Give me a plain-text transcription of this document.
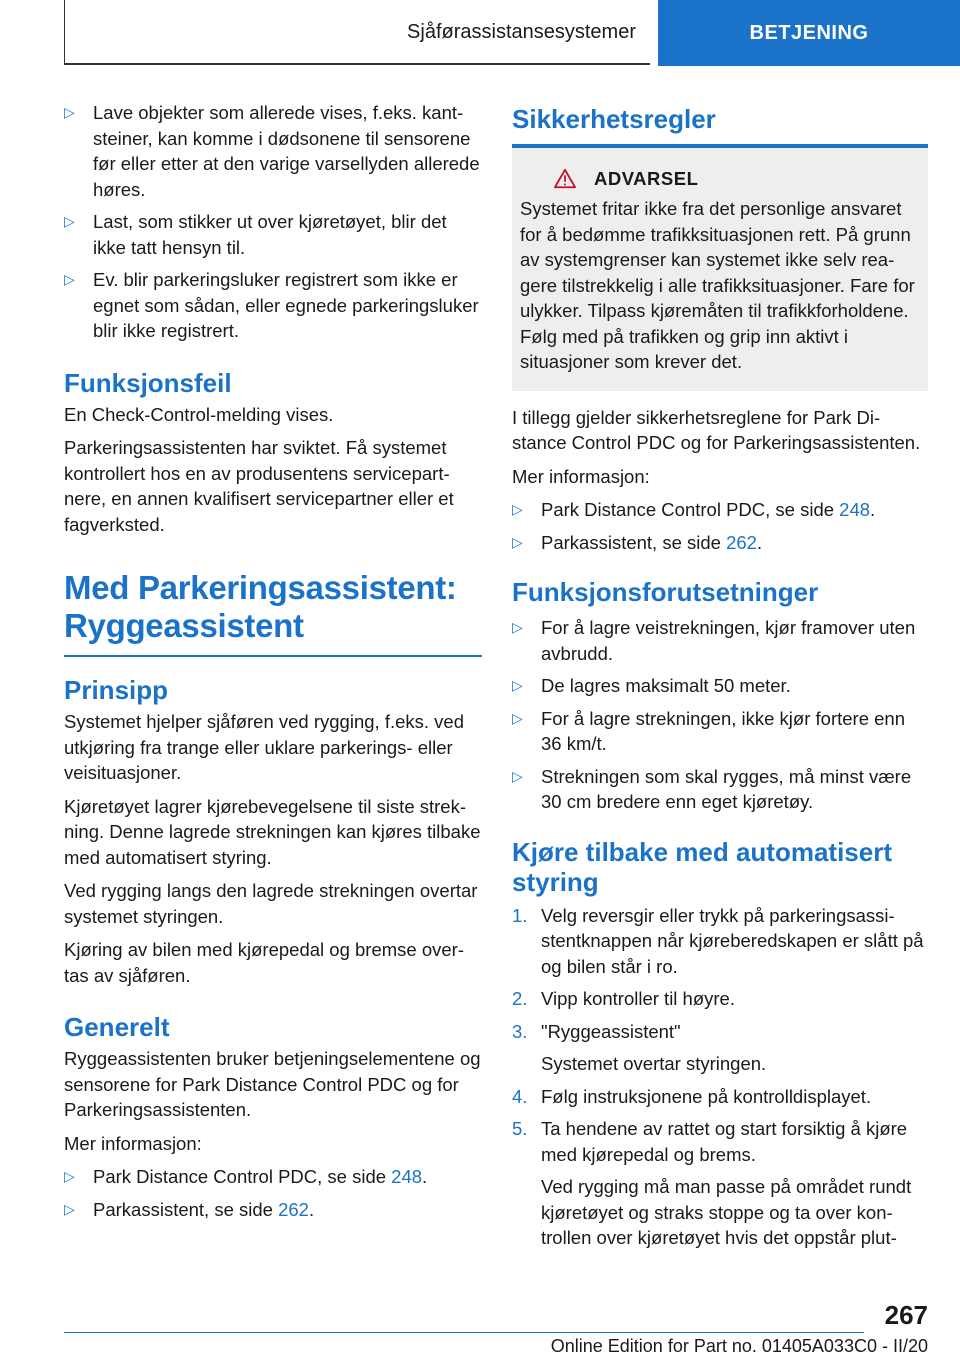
Sjåførassistansesystemer	BETJENING
▷ Lave objekter som allerede vises, f.eks. kantsteiner, kan komme i dødsonene til sensorene før eller etter at den varige varsellyden allerede høres.
▷ Last, som stikker ut over kjøretøyet, blir det ikke tatt hensyn til.
▷ Ev. blir parkeringsluker registrert som ikke er egnet som sådan, eller egnede parkeringsluker blir ikke registrert.
Funksjonsfeil

En Check-Control-melding vises.

Parkeringsassistenten har sviktet. Få systemet kontrollert hos en av produsentens servicepartnere, en annen kvalifisert servicepartner eller et fagverksted.

Med Parkeringsassistent:
Ryggeassistent
Prinsipp

Systemet hjelper sjåføren ved rygging, f.eks. ved utkjøring fra trange eller uklare parkerings- eller veisituasjoner.

Kjøretøyet lagrer kjørebevegelsene til siste strekning. Denne lagrede strekningen kan kjøres tilbake med automatisert styring.

Ved rygging langs den lagrede strekningen overtar systemet styringen.

Kjøring av bilen med kjørepedal og bremse overtas av sjåføren.

Generelt

Ryggeassistenten bruker betjeningselementene og sensorene for Park Distance Control PDC og for Parkeringsassistenten.

Mer informasjon:

▷ Park Distance Control PDC, se side 248.
▷ Parkassistent, se side 262.
Sikkerhetsregler
ADVARSEL

Systemet fritar ikke fra det personlige ansvaret for å bedømme trafikksituasjonen rett. På grunn av systemgrenser kan systemet ikke selv reagere tilstrekkelig i alle trafikksituasjoner. Fare for ulykker. Tilpass kjøremåten til trafikkforholdene. Følg med på trafikken og grip inn aktivt i situasjoner som krever det.

I tillegg gjelder sikkerhetsreglene for Park Distance Control PDC og for Parkeringsassistenten.

Mer informasjon:

▷ Park Distance Control PDC, se side 248.
▷ Parkassistent, se side 262.
Funksjonsforutsetninger
▷ For å lagre veistrekningen, kjør framover uten avbrudd.
▷ De lagres maksimalt 50 meter.
▷ For å lagre strekningen, ikke kjør fortere enn 36 km/t.
▷ Strekningen som skal rygges, må minst være 30 cm bredere enn eget kjøretøy.
Kjøre tilbake med automatisert styring
1. Velg reversgir eller trykk på parkeringsassistentknappen når kjøreberedskapen er slått på og bilen står i ro.
2. Vipp kontroller til høyre.
3. "Ryggeassistent"
Systemet overtar styringen.
4. Følg instruksjonene på kontrolldisplayet.
5. Ta hendene av rattet og start forsiktig å kjøre med kjørepedal og brems.
Ved rygging må man passe på området rundt kjøretøyet og straks stoppe og ta over kontrollen over kjøretøyet hvis det oppstår plut-
267
Online Edition for Part no. 01405A033C0 - II/20
